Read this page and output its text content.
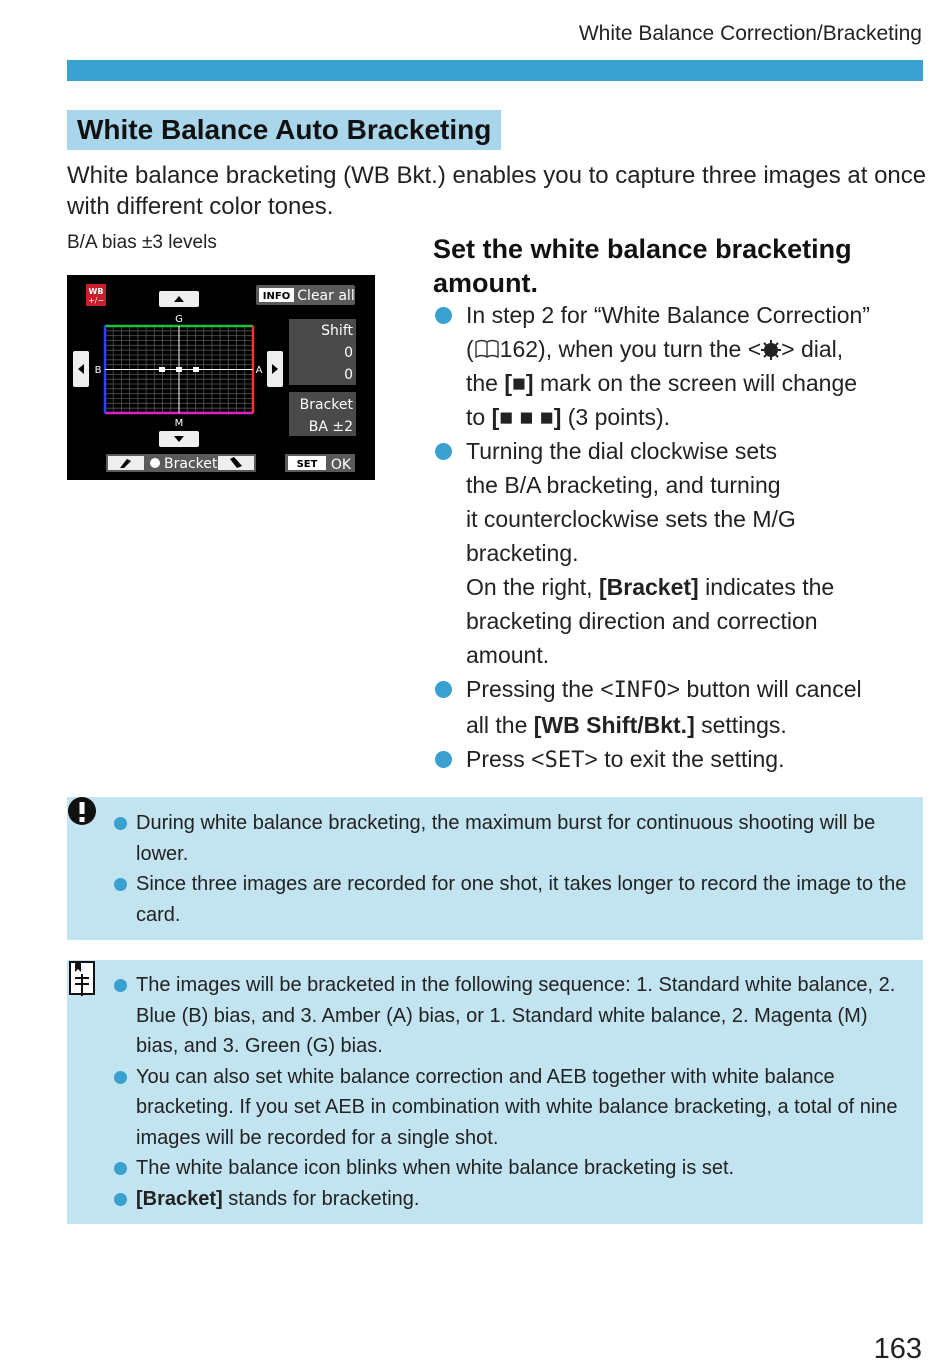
White Balance Correction/Bracketing
White Balance Auto Bracketing
White balance bracketing (WB Bkt.) enables you to capture three images at once with different color tones.
B/A bias ±3 levels
WB
+/−
G
INFO Clear all
B	A
Shift
0
0
Bracket
BA ±2
M
Bracket	SET OK
Set the white balance bracketing amount.
In step 2 for “White Balance Correction”
( 162), when you turn the < > dial,
the [■] mark on the screen will change
to [■ ■ ■] (3 points).
Turning the dial clockwise sets
the B/A bracketing, and turning
it counterclockwise sets the M/G
bracketing.
On the right, [Bracket] indicates the
bracketing direction and correction
amount.
Pressing the <INFO> button will cancel
all the [WB Shift/Bkt.] settings.
Press <SET> to exit the setting.
During white balance bracketing, the maximum burst for continuous shooting will be lower.
Since three images are recorded for one shot, it takes longer to record the image to the card.
The images will be bracketed in the following sequence: 1. Standard white balance, 2. Blue (B) bias, and 3. Amber (A) bias, or 1. Standard white balance, 2. Magenta (M) bias, and 3. Green (G) bias.
You can also set white balance correction and AEB together with white balance bracketing. If you set AEB in combination with white balance bracketing, a total of nine images will be recorded for a single shot.
The white balance icon blinks when white balance bracketing is set.
[Bracket] stands for bracketing.
163
